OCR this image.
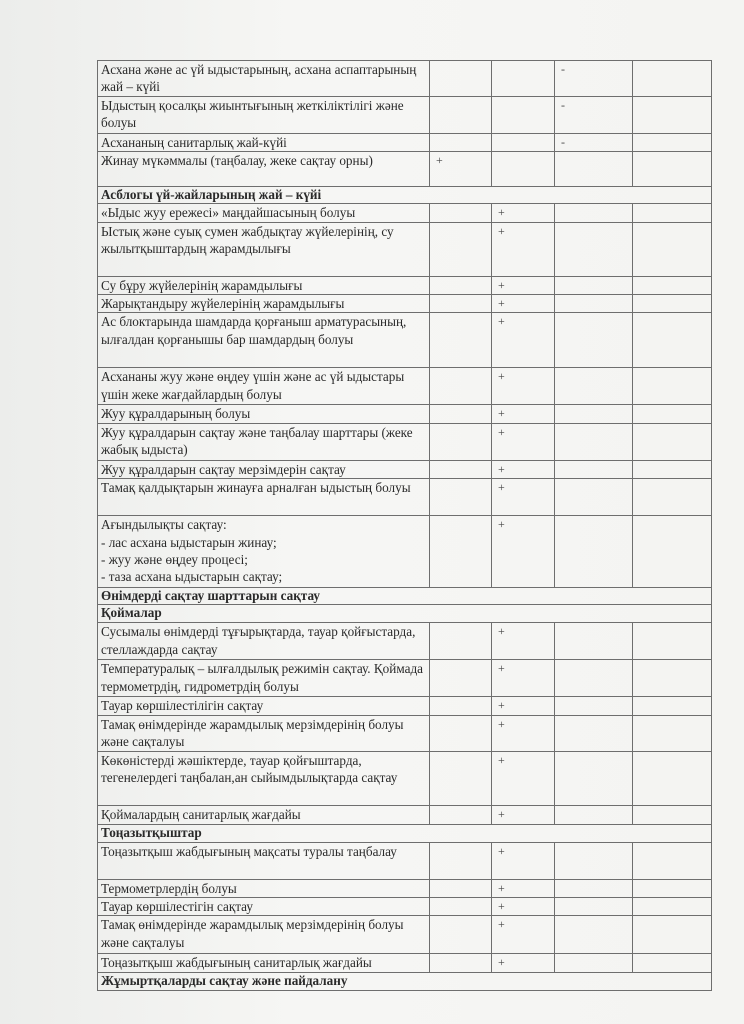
Асхана және ас үй ыдыстарының, асхана аспаптарының жай – күйі			-	
Ыдыстың қосалқы жиынтығының жеткіліктілігі және болуы			-	
Асхананың санитарлық жай-күйі			-	
Жинау мүкәммалы (таңбалау, жеке сақтау орны)	+			
Асблогы үй-жайларының жай – күйі				
«Ыдыс жуу ережесі» маңдайшасының болуы		+		
Ыстық және суық сумен жабдықтау жүйелерінің, су жылытқыштардың жарамдылығы		+		
Су бұру жүйелерінің жарамдылығы		+		
Жарықтандыру жүйелерінің жарамдылығы		+		
Ас блоктарында шамдарда қорғаныш арматурасының, ылғалдан қорғанышы бар шамдардың болуы		+		
Асхананы жуу және өңдеу үшін және ас үй ыдыстары үшін жеке жағдайлардың болуы		+		
Жуу құралдарының болуы		+		
Жуу құралдарын сақтау және таңбалау шарттары (жеке жабық ыдыста)		+		
Жуу құралдарын сақтау мерзімдерін сақтау		+		
Тамақ қалдықтарын жинауға арналған ыдыстың болуы		+		
Ағындылықты сақтау:
- лас асхана ыдыстарын жинау;
- жуу және өңдеу процесі;
- таза асхана ыдыстарын сақтау;		+		
Өнімдерді сақтау шарттарын сақтау				
Қоймалар				
Сусымалы өнімдерді тұғырықтарда, тауар қойғыстарда, стеллаждарда сақтау		+		
Температуралық – ылғалдылық режимін сақтау. Қоймада термометрдің, гидрометрдің болуы		+		
Тауар көршілестілігін сақтау		+		
Тамақ өнімдерінде жарамдылық мерзімдерінің болуы және сақталуы		+		
Көкөністерді жәшіктерде, тауар қойғыштарда, тегенелердегі таңбалан,ан сыйымдылықтарда сақтау		+		
Қоймалардың санитарлық жағдайы		+		
Тоңазытқыштар				
Тоңазытқыш жабдығының мақсаты туралы таңбалау		+		
Термометрлердің болуы		+		
Тауар көршілестігін сақтау		+		
Тамақ өнімдерінде жарамдылық мерзімдерінің болуы және сақталуы		+		
Тоңазытқыш жабдығының санитарлық жағдайы		+		
Жұмыртқаларды сақтау және пайдалану				
